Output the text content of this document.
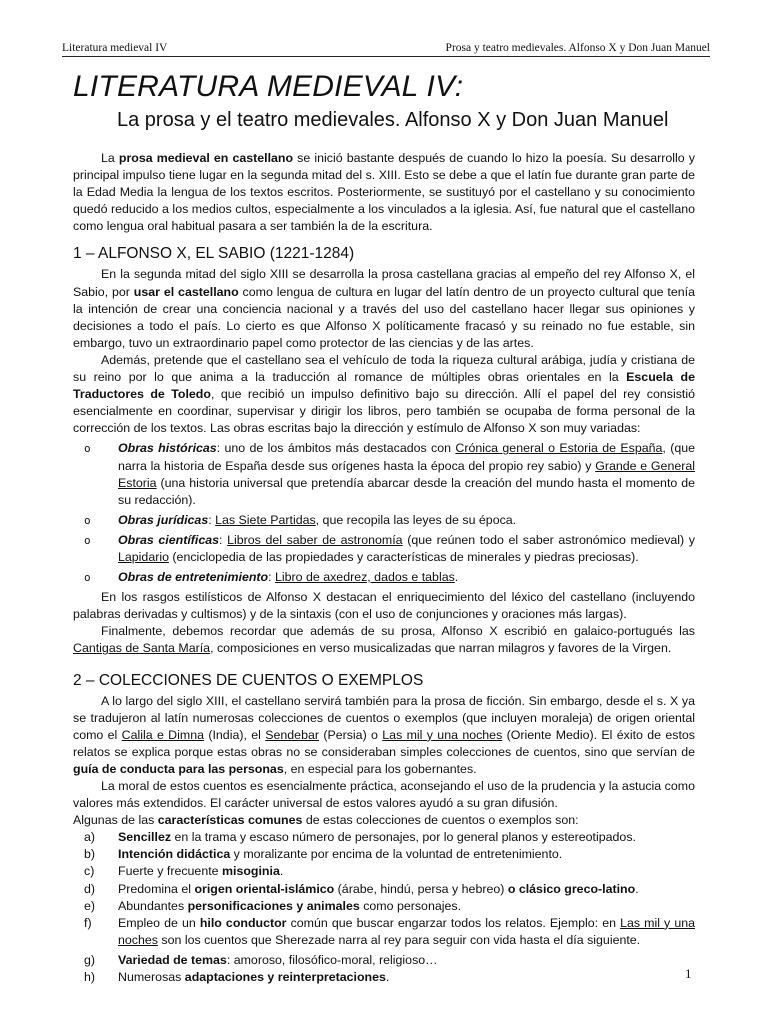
Literatura medieval IV	Prosa y teatro medievales. Alfonso X y Don Juan Manuel
LITERATURA MEDIEVAL IV:
La prosa y el teatro medievales. Alfonso X y Don Juan Manuel

La prosa medieval en castellano se inició bastante después de cuando lo hizo la poesía. Su desarrollo y principal impulso tiene lugar en la segunda mitad del s. XIII. Esto se debe a que el latín fue durante gran parte de la Edad Media la lengua de los textos escritos. Posteriormente, se sustituyó por el castellano y su conocimiento quedó reducido a los medios cultos, especialmente a los vinculados a la iglesia. Así, fue natural que el castellano como lengua oral habitual pasara a ser también la de la escritura.

1 – ALFONSO X, EL SABIO (1221-1284)

En la segunda mitad del siglo XIII se desarrolla la prosa castellana gracias al empeño del rey Alfonso X, el Sabio, por usar el castellano como lengua de cultura en lugar del latín dentro de un proyecto cultural que tenía la intención de crear una conciencia nacional y a través del uso del castellano hacer llegar sus opiniones y decisiones a todo el país. Lo cierto es que Alfonso X políticamente fracasó y su reinado no fue estable, sin embargo, tuvo un extraordinario papel como protector de las ciencias y de las artes.

Además, pretende que el castellano sea el vehículo de toda la riqueza cultural arábiga, judía y cristiana de su reino por lo que anima a la traducción al romance de múltiples obras orientales en la Escuela de Traductores de Toledo, que recibió un impulso definitivo bajo su dirección. Allí el papel del rey consistió esencialmente en coordinar, supervisar y dirigir los libros, pero también se ocupaba de forma personal de la corrección de los textos. Las obras escritas bajo la dirección y estímulo de Alfonso X son muy variadas:

o Obras históricas: uno de los ámbitos más destacados con Crónica general o Estoria de España, (que narra la historia de España desde sus orígenes hasta la época del propio rey sabio) y Grande e General Estoria (una historia universal que pretendía abarcar desde la creación del mundo hasta el momento de su redacción).
o Obras jurídicas: Las Siete Partidas, que recopila las leyes de su época.
o Obras científicas: Libros del saber de astronomía (que reúnen todo el saber astronómico medieval) y Lapidario (enciclopedia de las propiedades y características de minerales y piedras preciosas).
o Obras de entretenimiento: Libro de axedrez, dados e tablas.

En los rasgos estilísticos de Alfonso X destacan el enriquecimiento del léxico del castellano (incluyendo palabras derivadas y cultismos) y de la sintaxis (con el uso de conjunciones y oraciones más largas).

Finalmente, debemos recordar que además de su prosa, Alfonso X escribió en galaico-portugués las Cantigas de Santa María, composiciones en verso musicalizadas que narran milagros y favores de la Virgen.

2 – COLECCIONES DE CUENTOS O EXEMPLOS

A lo largo del siglo XIII, el castellano servirá también para la prosa de ficción. Sin embargo, desde el s. X ya se tradujeron al latín numerosas colecciones de cuentos o exemplos (que incluyen moraleja) de origen oriental como el Calila e Dimna (India), el Sendebar (Persia) o Las mil y una noches (Oriente Medio). El éxito de estos relatos se explica porque estas obras no se consideraban simples colecciones de cuentos, sino que servían de guía de conducta para las personas, en especial para los gobernantes.

La moral de estos cuentos es esencialmente práctica, aconsejando el uso de la prudencia y la astucia como valores más extendidos. El carácter universal de estos valores ayudó a su gran difusión.

Algunas de las características comunes de estas colecciones de cuentos o exemplos son:

a) Sencillez en la trama y escaso número de personajes, por lo general planos y estereotipados.
b) Intención didáctica y moralizante por encima de la voluntad de entretenimiento.
c) Fuerte y frecuente misoginia.
d) Predomina el origen oriental-islámico (árabe, hindú, persa y hebreo) o clásico greco-latino.
e) Abundantes personificaciones y animales como personajes.
f) Empleo de un hilo conductor común que buscar engarzar todos los relatos. Ejemplo: en Las mil y una noches son los cuentos que Sherezade narra al rey para seguir con vida hasta el día siguiente.
g) Variedad de temas: amoroso, filosófico-moral, religioso…
h) Numerosas adaptaciones y reinterpretaciones.	1
